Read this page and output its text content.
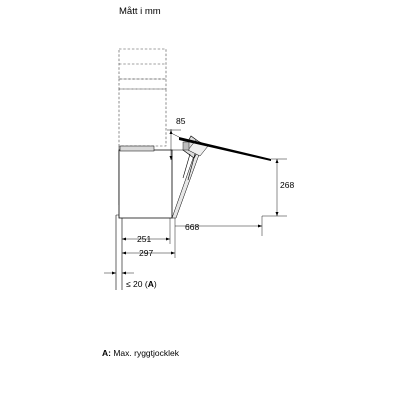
Mått i mm
85
268
668
251
297
≤ 20 (A)
A: Max. ryggtjocklek
